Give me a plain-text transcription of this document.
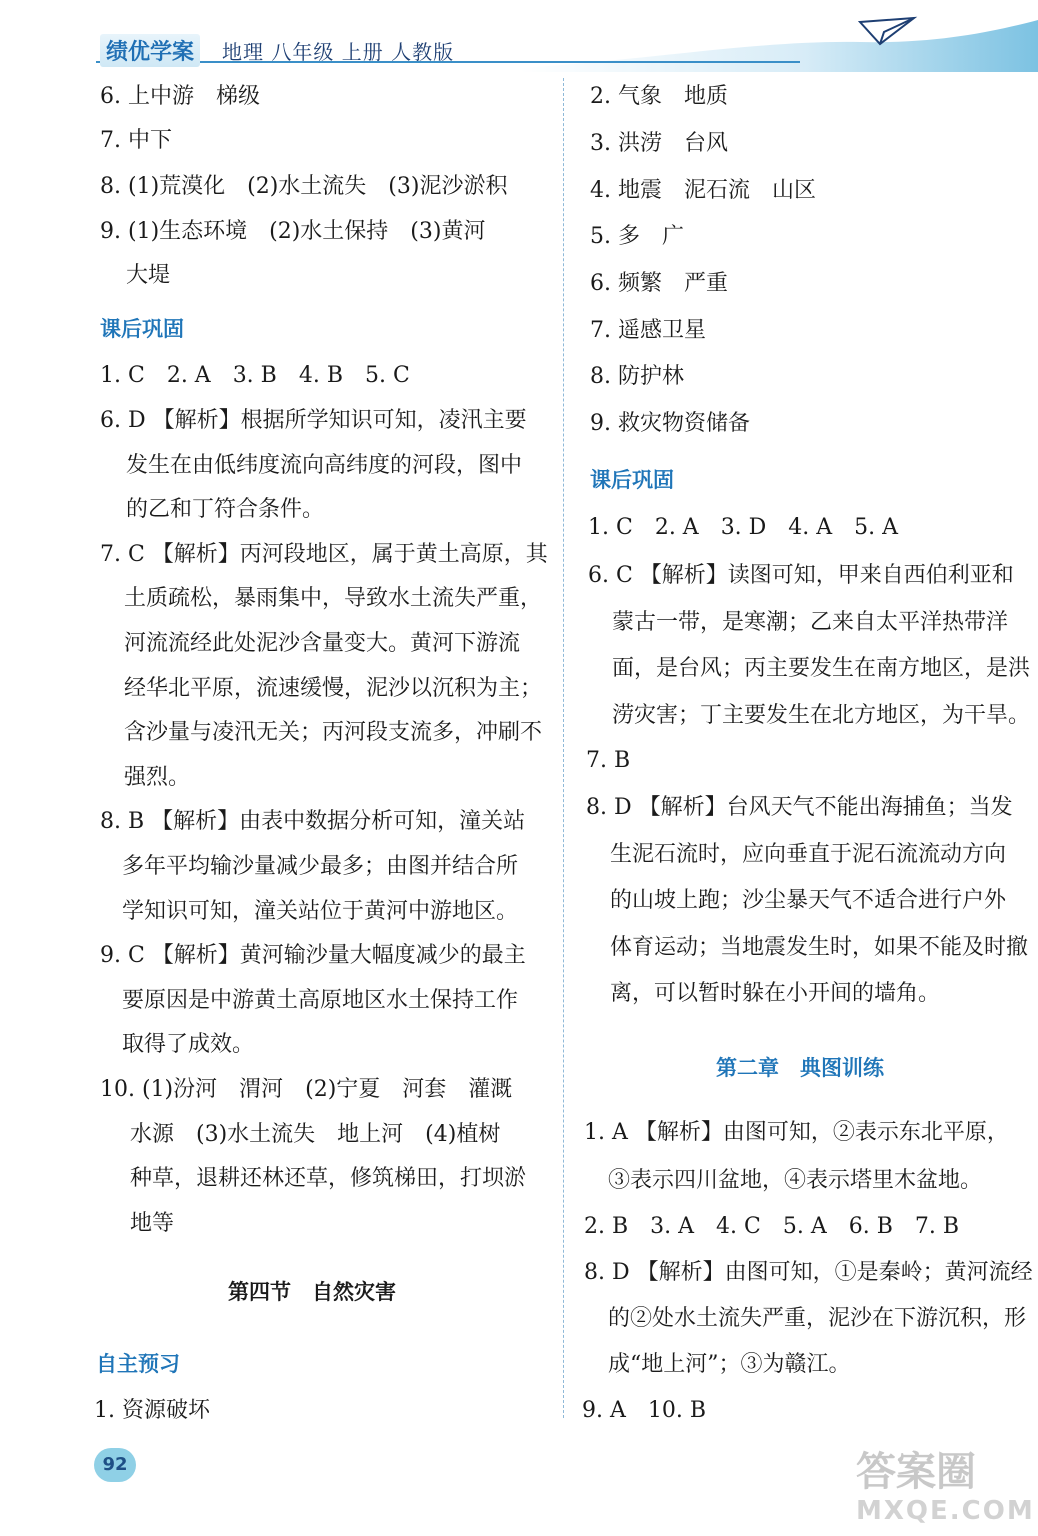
绩优学案	地理 八年级 上册 人教版
6. 上中游　梯级
7. 中下
8. (1)荒漠化　(2)水土流失　(3)泥沙淤积
9. (1)生态环境　(2)水土保持　(3)黄河
大堤
课后巩固
1. C　2. A　3. B　4. B　5. C
6. D 【解析】根据所学知识可知，凌汛主要
发生在由低纬度流向高纬度的河段，图中
的乙和丁符合条件。
7. C 【解析】丙河段地区，属于黄土高原，其
土质疏松，暴雨集中，导致水土流失严重，
河流流经此处泥沙含量变大。黄河下游流
经华北平原，流速缓慢，泥沙以沉积为主；
含沙量与凌汛无关；丙河段支流多，冲刷不
强烈。
8. B 【解析】由表中数据分析可知，潼关站
多年平均输沙量减少最多；由图并结合所
学知识可知，潼关站位于黄河中游地区。
9. C 【解析】黄河输沙量大幅度减少的最主
要原因是中游黄土高原地区水土保持工作
取得了成效。
10. (1)汾河　渭河　(2)宁夏　河套　灌溉
水源　(3)水土流失　地上河　(4)植树
种草，退耕还林还草，修筑梯田，打坝淤
地等
第四节　自然灾害
自主预习
1. 资源破坏
2. 气象　地质
3. 洪涝　台风
4. 地震　泥石流　山区
5. 多　广
6. 频繁　严重
7. 遥感卫星
8. 防护林
9. 救灾物资储备
课后巩固
1. C　2. A　3. D　4. A　5. A
6. C 【解析】读图可知，甲来自西伯利亚和
蒙古一带，是寒潮；乙来自太平洋热带洋
面，是台风；丙主要发生在南方地区，是洪
涝灾害；丁主要发生在北方地区，为干旱。
7. B
8. D 【解析】台风天气不能出海捕鱼；当发
生泥石流时，应向垂直于泥石流流动方向
的山坡上跑；沙尘暴天气不适合进行户外
体育运动；当地震发生时，如果不能及时撤
离，可以暂时躲在小开间的墙角。
第二章　典图训练
1. A 【解析】由图可知，②表示东北平原，
③表示四川盆地，④表示塔里木盆地。
2. B　3. A　4. C　5. A　6. B　7. B
8. D 【解析】由图可知，①是秦岭；黄河流经
的②处水土流失严重，泥沙在下游沉积，形
成“地上河”；③为赣江。
9. A　10. B
92	答案圈
MXQE.COM
